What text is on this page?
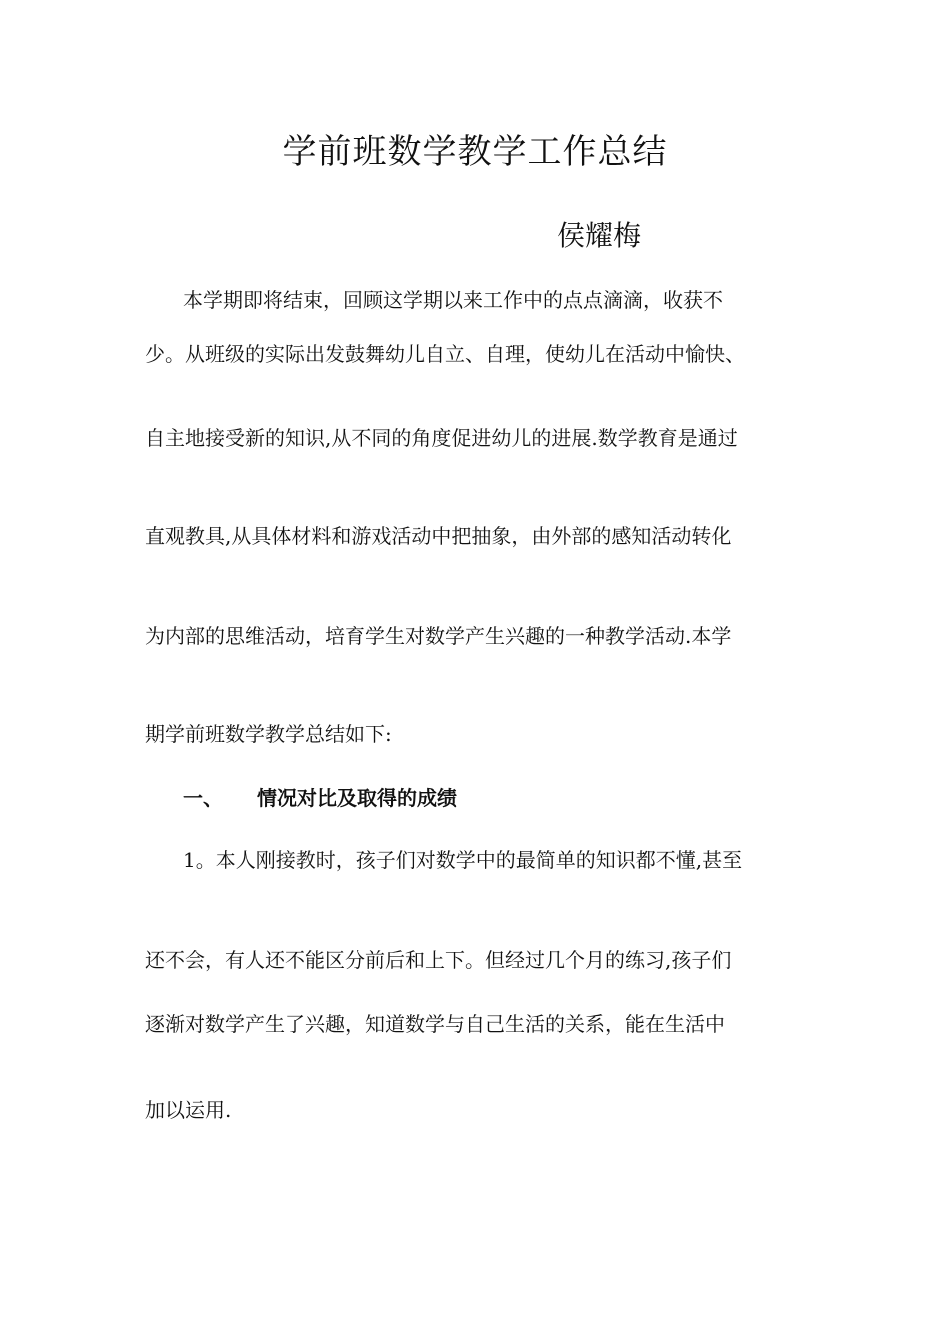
学前班数学教学工作总结
侯耀梅
本学期即将结束，回顾这学期以来工作中的点点滴滴，收获不
少。从班级的实际出发鼓舞幼儿自立、自理，使幼儿在活动中愉快、
自主地接受新的知识,从不同的角度促进幼儿的进展.数学教育是通过
直观教具,从具体材料和游戏活动中把抽象，由外部的感知活动转化
为内部的思维活动，培育学生对数学产生兴趣的一种教学活动.本学
期学前班数学教学总结如下:
一、 情况对比及取得的成绩
1。本人刚接教时，孩子们对数学中的最简单的知识都不懂,甚至
还不会，有人还不能区分前后和上下。但经过几个月的练习,孩子们
逐渐对数学产生了兴趣，知道数学与自己生活的关系，能在生活中
加以运用.
